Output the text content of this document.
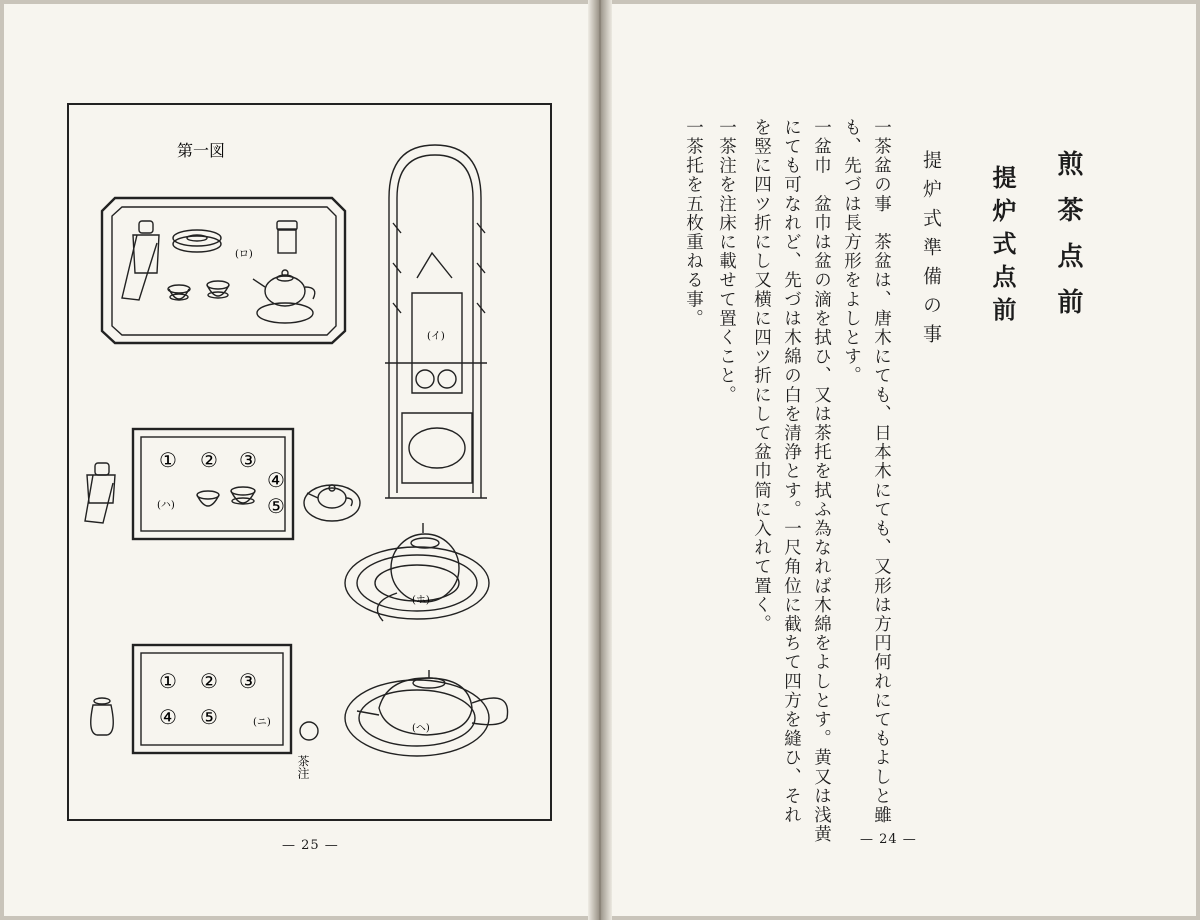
第一図
(ロ)
(イ)
(ハ)
(ホ)
(ニ)
(ヘ)
① ② ③
④
⑤
① ② ③
④ ⑤
茶注
— 25 —
煎茶点前
提炉式点前
提炉式準備の事
一茶盆の事　茶盆は、唐木にても、日本木にても、又形は方円何れにてもよしと雖
も、先づは長方形をよしとす。
一盆巾　盆巾は盆の滴を拭ひ、又は茶托を拭ふ為なれば木綿をよしとす。黄又は浅黄
にても可なれど、先づは木綿の白を清浄とす。一尺角位に截ちて四方を縫ひ、それ
を竪に四ツ折にし又横に四ツ折にして盆巾筒に入れて置く。
一茶注を注床に載せて置くこと。
一茶托を五枚重ねる事。
— 24 —
